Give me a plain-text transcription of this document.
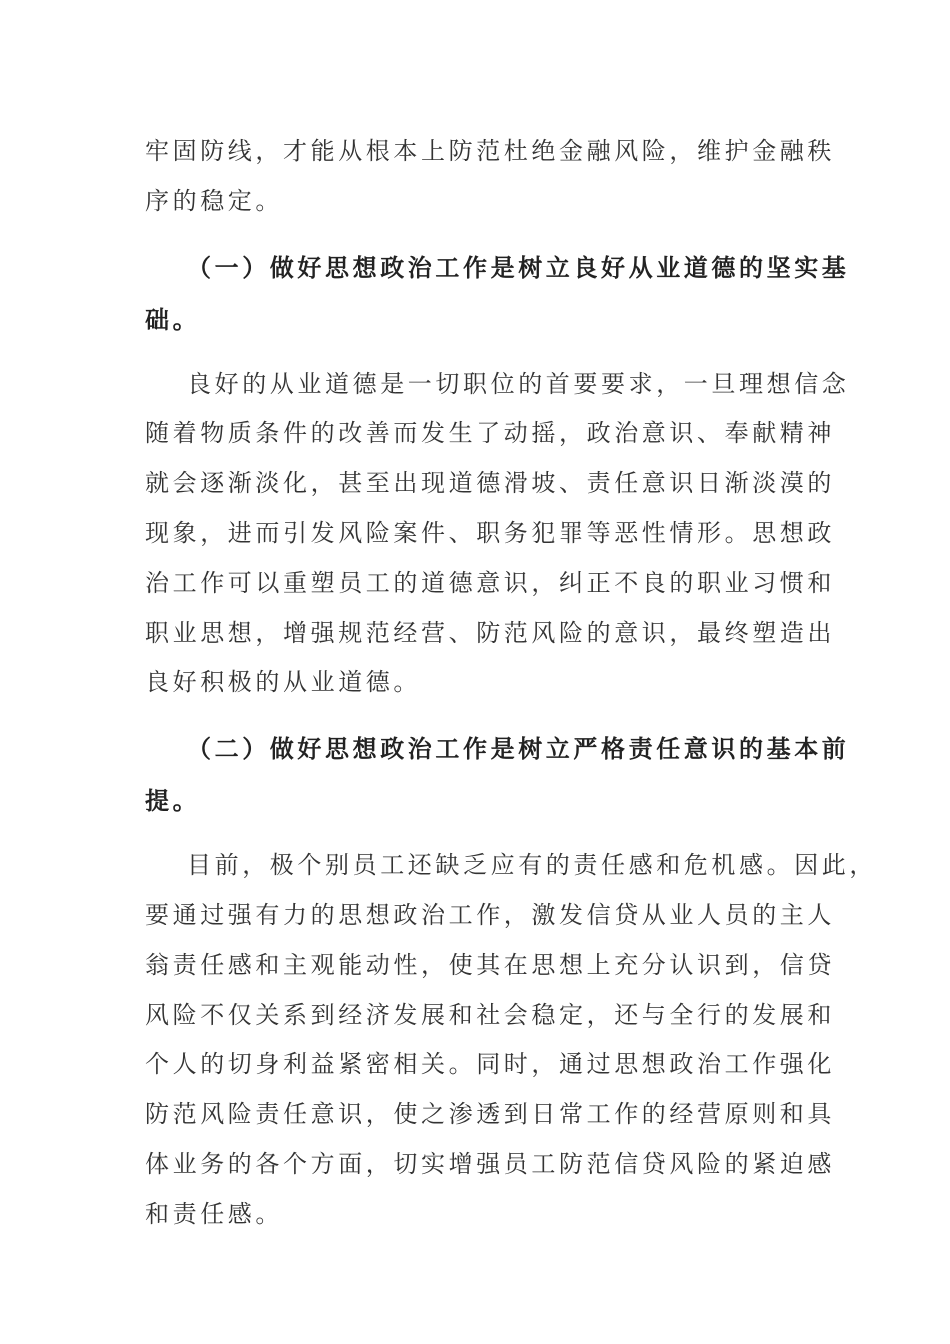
牢固防线，才能从根本上防范杜绝金融风险，维护金融秩
序的稳定。

（一）做好思想政治工作是树立良好从业道德的坚实基
础。

良好的从业道德是一切职位的首要要求，一旦理想信念
随着物质条件的改善而发生了动摇，政治意识、奉献精神
就会逐渐淡化，甚至出现道德滑坡、责任意识日渐淡漠的
现象，进而引发风险案件、职务犯罪等恶性情形。思想政
治工作可以重塑员工的道德意识，纠正不良的职业习惯和
职业思想，增强规范经营、防范风险的意识，最终塑造出
良好积极的从业道德。

（二）做好思想政治工作是树立严格责任意识的基本前
提。

目前，极个别员工还缺乏应有的责任感和危机感。因此，
要通过强有力的思想政治工作，激发信贷从业人员的主人
翁责任感和主观能动性，使其在思想上充分认识到，信贷
风险不仅关系到经济发展和社会稳定，还与全行的发展和
个人的切身利益紧密相关。同时，通过思想政治工作强化
防范风险责任意识，使之渗透到日常工作的经营原则和具
体业务的各个方面，切实增强员工防范信贷风险的紧迫感
和责任感。
